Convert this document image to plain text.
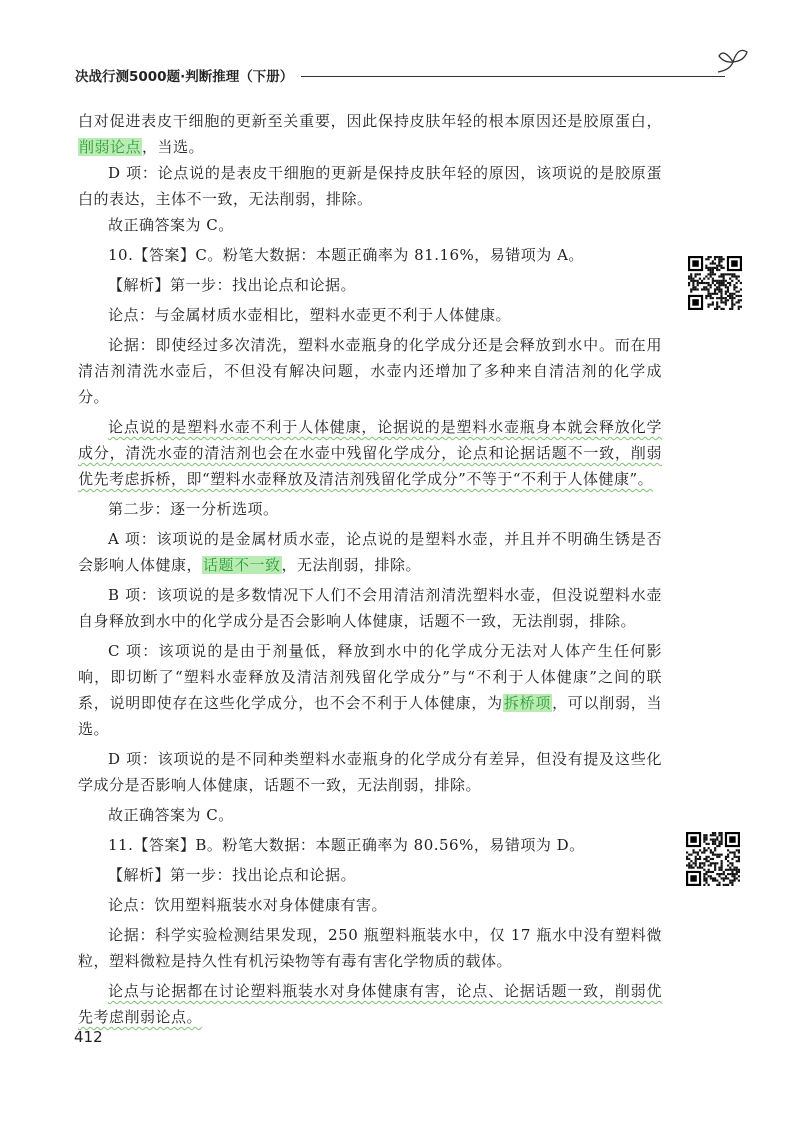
决战行测5000题·判断推理（下册）

白对促进表皮干细胞的更新至关重要，因此保持皮肤年轻的根本原因还是胶原蛋白，削弱论点，当选。

D 项：论点说的是表皮干细胞的更新是保持皮肤年轻的原因，该项说的是胶原蛋白的表达，主体不一致，无法削弱，排除。

故正确答案为 C。

10.【答案】C。粉笔大数据：本题正确率为 81.16%，易错项为 A。

【解析】第一步：找出论点和论据。

论点：与金属材质水壶相比，塑料水壶更不利于人体健康。

论据：即使经过多次清洗，塑料水壶瓶身的化学成分还是会释放到水中。而在用清洁剂清洗水壶后，不但没有解决问题，水壶内还增加了多种来自清洁剂的化学成分。

论点说的是塑料水壶不利于人体健康，论据说的是塑料水壶瓶身本就会释放化学成分，清洗水壶的清洁剂也会在水壶中残留化学成分，论点和论据话题不一致，削弱优先考虑拆桥，即“塑料水壶释放及清洁剂残留化学成分”不等于“不利于人体健康”。

第二步：逐一分析选项。

A 项：该项说的是金属材质水壶，论点说的是塑料水壶，并且并不明确生锈是否会影响人体健康，话题不一致，无法削弱，排除。

B 项：该项说的是多数情况下人们不会用清洁剂清洗塑料水壶，但没说塑料水壶自身释放到水中的化学成分是否会影响人体健康，话题不一致，无法削弱，排除。

C 项：该项说的是由于剂量低，释放到水中的化学成分无法对人体产生任何影响，即切断了“塑料水壶释放及清洁剂残留化学成分”与“不利于人体健康”之间的联系，说明即使存在这些化学成分，也不会不利于人体健康，为拆桥项，可以削弱，当选。

D 项：该项说的是不同种类塑料水壶瓶身的化学成分有差异，但没有提及这些化学成分是否影响人体健康，话题不一致，无法削弱，排除。

故正确答案为 C。

11.【答案】B。粉笔大数据：本题正确率为 80.56%，易错项为 D。

【解析】第一步：找出论点和论据。

论点：饮用塑料瓶装水对身体健康有害。

论据：科学实验检测结果发现，250 瓶塑料瓶装水中，仅 17 瓶水中没有塑料微粒，塑料微粒是持久性有机污染物等有毒有害化学物质的载体。

论点与论据都在讨论塑料瓶装水对身体健康有害，论点、论据话题一致，削弱优先考虑削弱论点。

412
